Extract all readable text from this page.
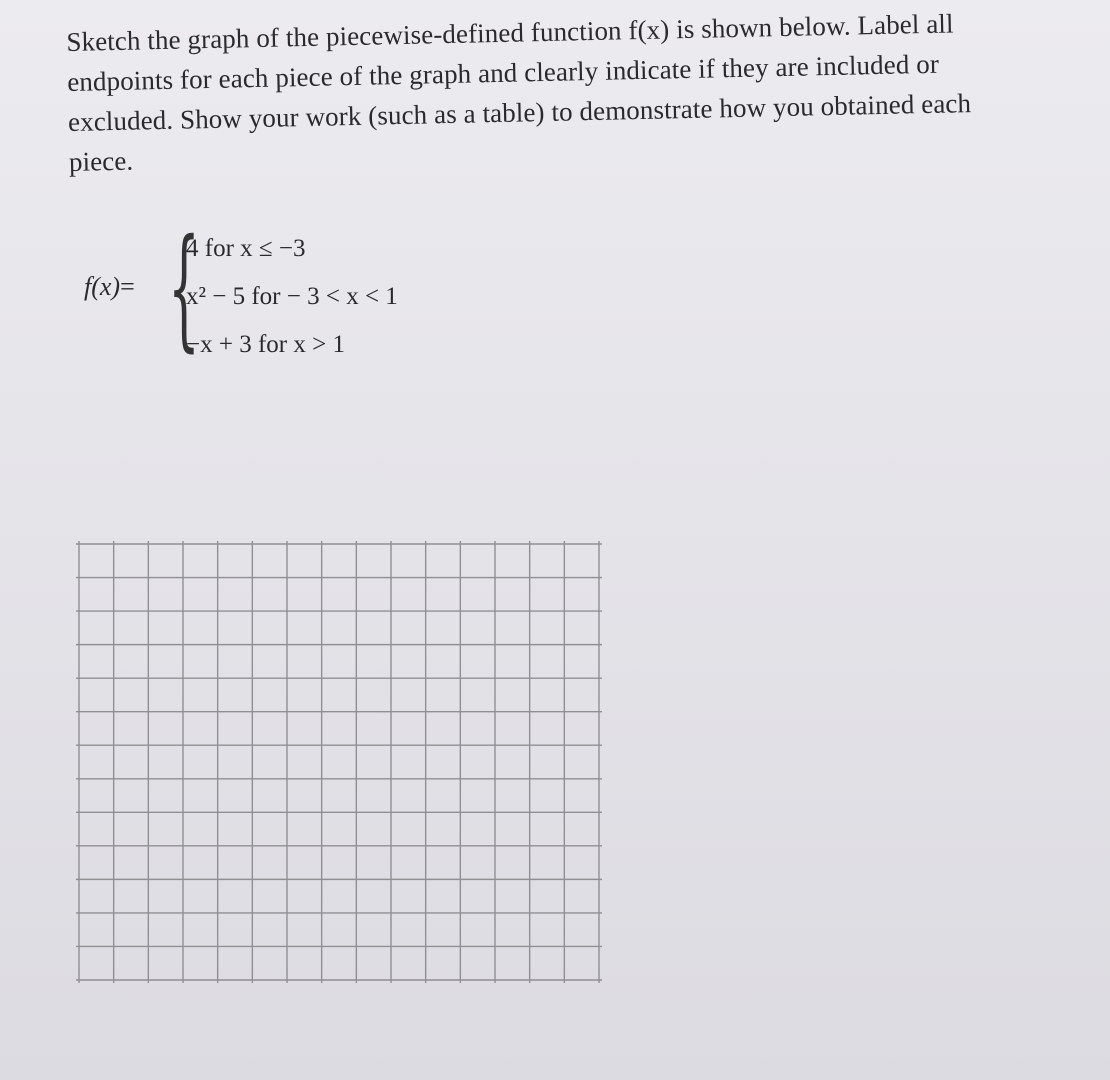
Sketch the graph of the piecewise-defined function f(x) is shown below. Label all
endpoints for each piece of the graph and clearly indicate if they are included or
excluded. Show your work (such as a table) to demonstrate how you obtained each
piece.

f(x)= {
4 for x ≤ −3
x² − 5 for − 3 < x < 1
−x + 3 for x > 1
